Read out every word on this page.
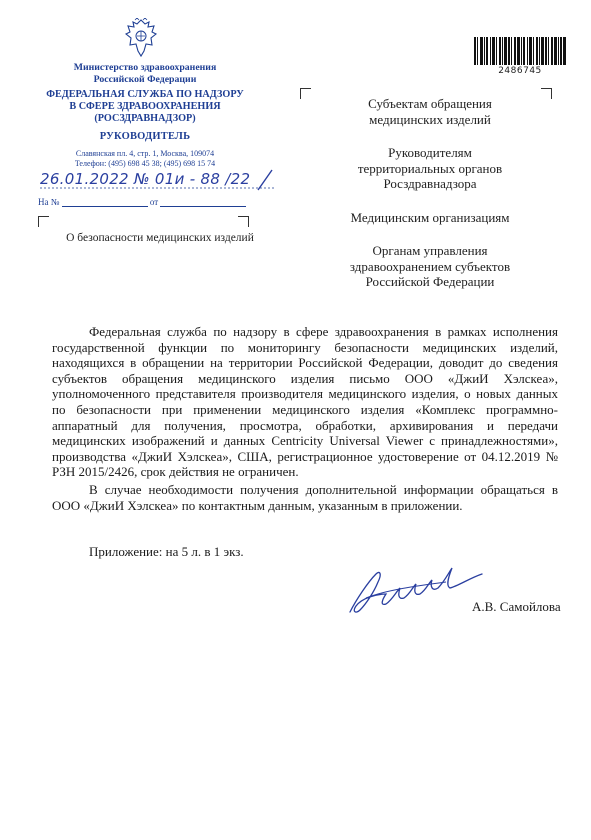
Министерство здравоохранения
Российской Федерации
ФЕДЕРАЛЬНАЯ СЛУЖБА ПО НАДЗОРУ
В СФЕРЕ ЗДРАВООХРАНЕНИЯ
(РОСЗДРАВНАДЗОР)
РУКОВОДИТЕЛЬ
Славянская пл. 4, стр. 1, Москва, 109074
Телефон: (495) 698 45 38; (495) 698 15 74
26.01.2022 № 01и - 88 /22
На №	от
О безопасности медицинских изделий
2486745

Субъектам обращения медицинских изделий

Руководителям территориальных органов Росздравнадзора

Медицинским организациям

Органам управления здравоохранением субъектов Российской Федерации

Федеральная служба по надзору в сфере здравоохранения в рамках исполнения государственной функции по мониторингу безопасности медицинских изделий, находящихся в обращении на территории Российской Федерации, доводит до сведения субъектов обращения медицинского изделия письмо ООО «ДжиИ Хэлскеа», уполномоченного представителя производителя медицинского изделия, о новых данных по безопасности при применении медицинского изделия «Комплекс программно-аппаратный для получения, просмотра, обработки, архивирования и передачи медицинских изображений и данных Centricity Universal Viewer с принадлежностями», производства «ДжиИ Хэлскеа», США, регистрационное удостоверение от 04.12.2019 № РЗН 2015/2426, срок действия не ограничен.

В случае необходимости получения дополнительной информации обращаться в ООО «ДжиИ Хэлскеа» по контактным данным, указанным в приложении.

Приложение: на 5 л. в 1 экз.
А.В. Самойлова
